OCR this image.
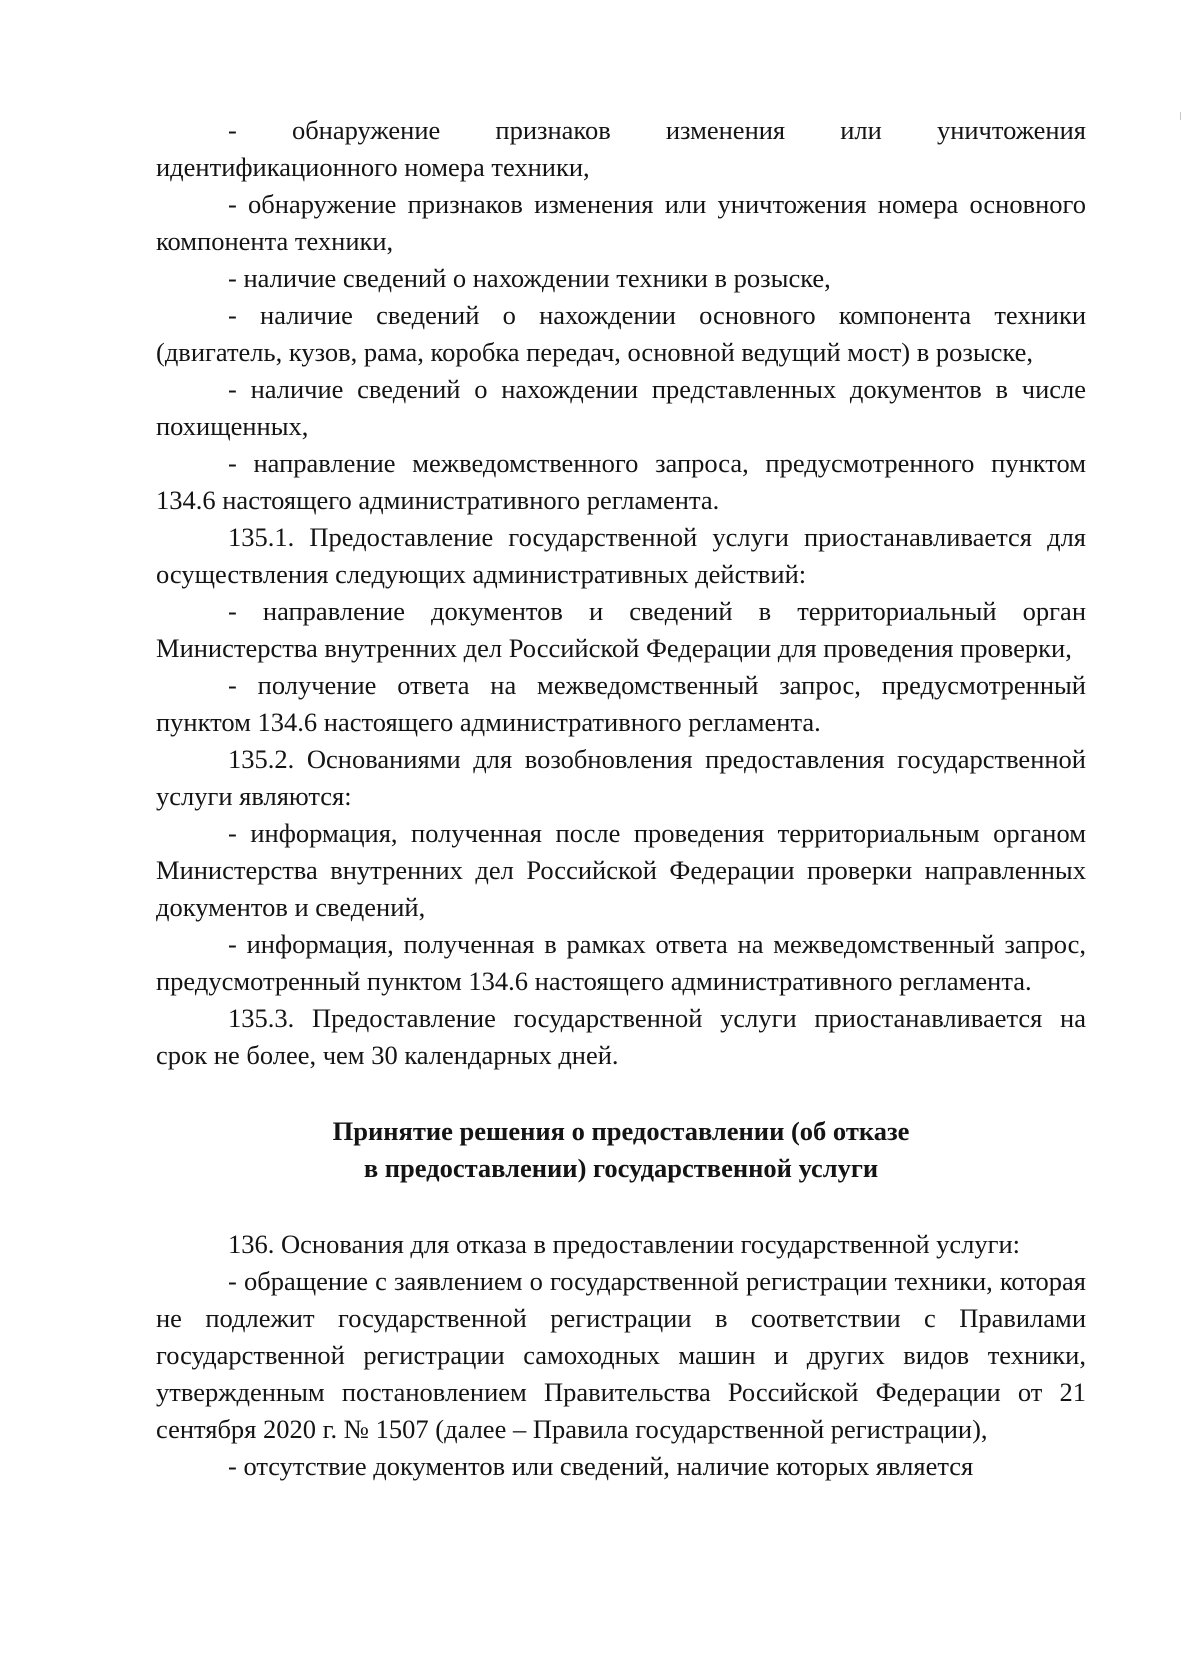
- обнаружение признаков изменения или уничтожения идентификационного номера техники,

- обнаружение признаков изменения или уничтожения номера основного компонента техники,

- наличие сведений о нахождении техники в розыске,

- наличие сведений о нахождении основного компонента техники (двигатель, кузов, рама, коробка передач, основной ведущий мост) в розыске,

- наличие сведений о нахождении представленных документов в числе похищенных,

- направление межведомственного запроса, предусмотренного пунктом 134.6 настоящего административного регламента.

135.1. Предоставление государственной услуги приостанавливается для осуществления следующих административных действий:

- направление документов и сведений в территориальный орган Министерства внутренних дел Российской Федерации для проведения проверки,

- получение ответа на межведомственный запрос, предусмотренный пунктом 134.6 настоящего административного регламента.

135.2. Основаниями для возобновления предоставления государственной услуги являются:

- информация, полученная после проведения территориальным органом Министерства внутренних дел Российской Федерации проверки направленных документов и сведений,

- информация, полученная в рамках ответа на межведомственный запрос, предусмотренный пунктом 134.6 настоящего административного регламента.

135.3. Предоставление государственной услуги приостанавливается на срок не более, чем 30 календарных дней.

Принятие решения о предоставлении (об отказе

в предоставлении) государственной услуги

136. Основания для отказа в предоставлении государственной услуги:

- обращение с заявлением о государственной регистрации техники, которая не подлежит государственной регистрации в соответствии с Правилами государственной регистрации самоходных машин и других видов техники, утвержденным постановлением Правительства Российской Федерации от 21 сентября 2020 г. № 1507 (далее – Правила государственной регистрации),

- отсутствие документов или сведений, наличие которых является
